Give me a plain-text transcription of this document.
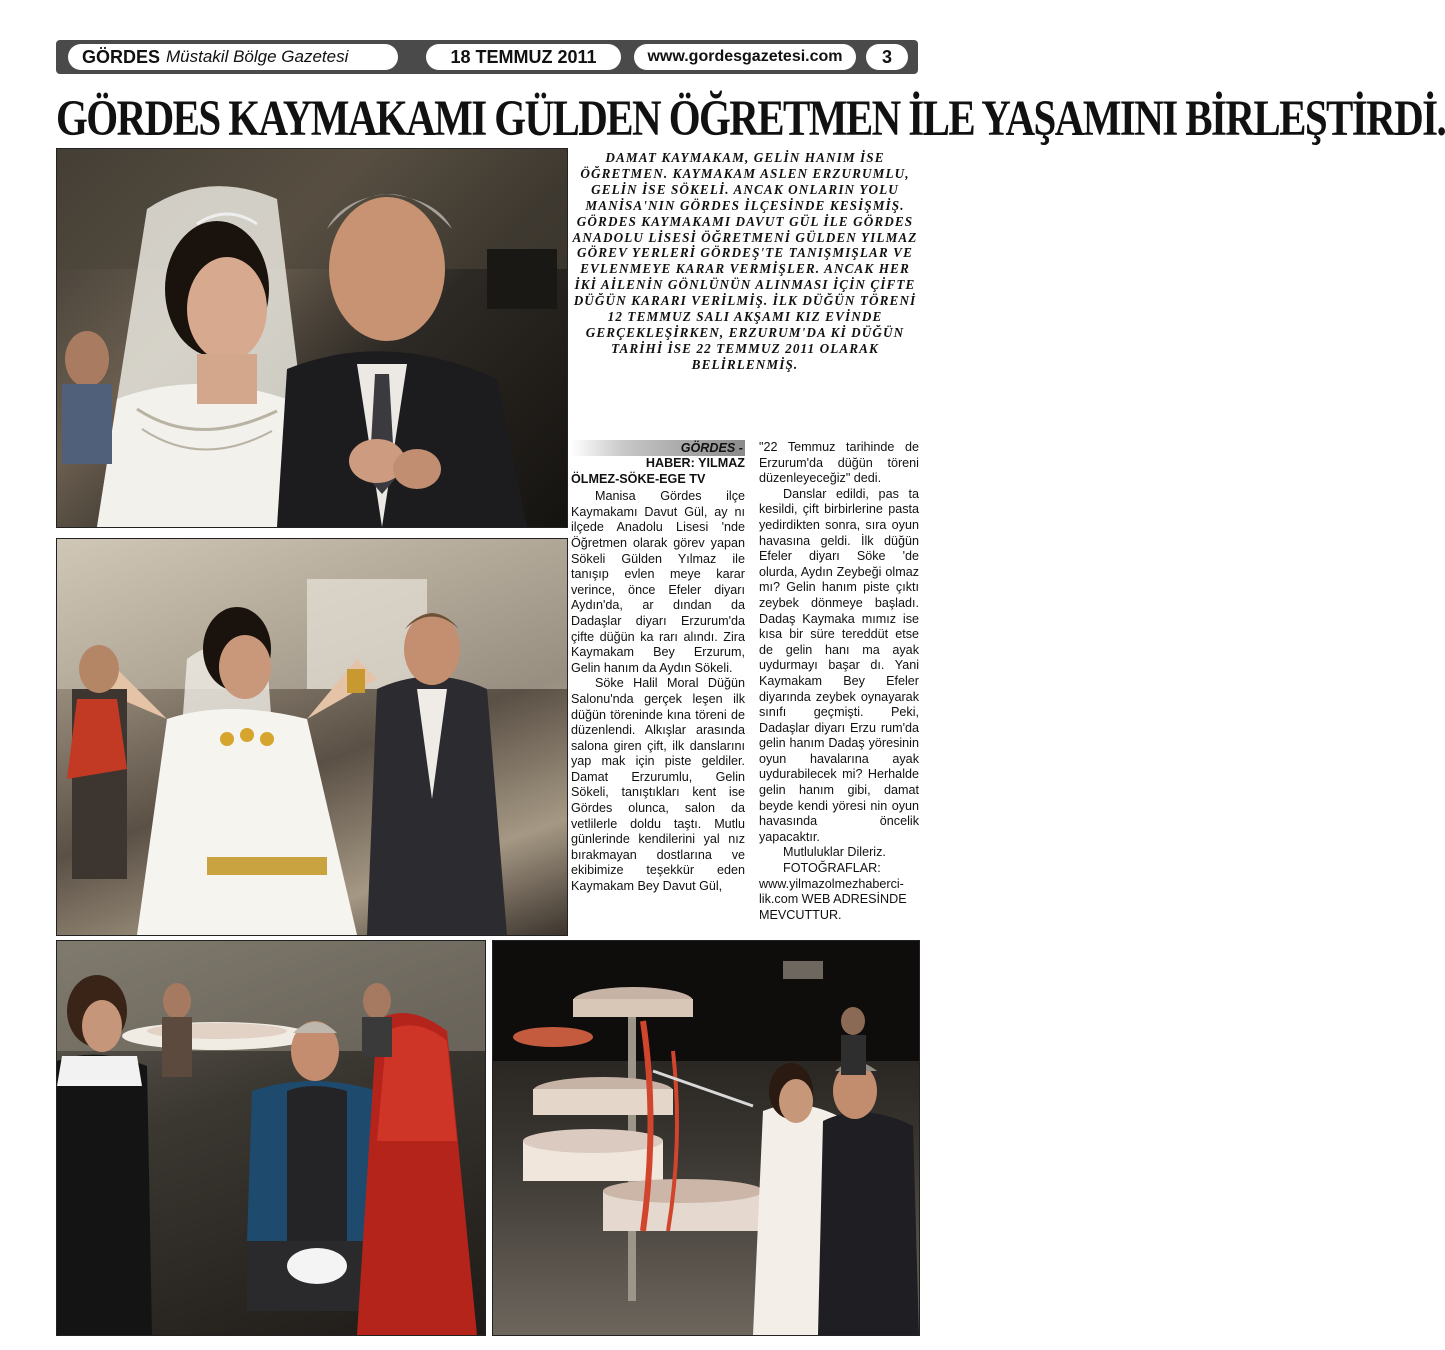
GÖRDES Müstakil Bölge Gazetesi	18 TEMMUZ 2011	www.gordesgazetesi.com	3
GÖRDES KAYMAKAMI GÜLDEN ÖĞRETMEN İLE YAŞAMINI BİRLEŞTİRDİ.
DAMAT KAYMAKAM, GELİN HANIM İSE ÖĞRETMEN. KAYMAKAM ASLEN ERZURUMLU, GELİN İSE SÖKELİ. ANCAK ONLARIN YOLU MANİSA'NIN GÖRDES İLÇESİNDE KESİŞMİŞ. GÖRDES KAYMAKAMI DAVUT GÜL İLE GÖRDES ANADOLU LİSESİ ÖĞRETMENİ GÜLDEN YILMAZ GÖREV YERLERİ GÖRDEŞ'TE TANIŞMIŞLAR VE EVLENMEYE KARAR VERMİŞLER. ANCAK HER İKİ AİLENİN GÖNLÜNÜN ALINMASI İÇİN ÇİFTE DÜĞÜN KARARI VERİLMİŞ. İLK DÜĞÜN TÖRENİ 12 TEMMUZ SALI AKŞAMI KIZ EVİNDE GERÇEKLEŞİRKEN, ERZURUM'DA Kİ DÜĞÜN TARİHİ İSE 22 TEMMUZ 2011 OLARAK BELİRLENMİŞ.
GÖRDES -
HABER: YILMAZ
ÖLMEZ-SÖKE-EGE TV

Manisa Gördes ilçe Kaymakamı Davut Gül, ay nı ilçede Anadolu Lisesi 'nde Öğretmen olarak görev yapan Sökeli Gülden Yılmaz ile tanışıp evlen meye karar verince, önce Efeler diyarı Aydın'da, ar dından da Dadaşlar diyarı Erzurum'da çifte düğün ka rarı alındı. Zira Kaymakam Bey Erzurum, Gelin hanım da Aydın Sökeli.

Söke Halil Moral Düğün Salonu'nda gerçek leşen ilk düğün töreninde kına töreni de düzenlendi. Alkışlar arasında salona giren çift, ilk danslarını yap mak için piste geldiler. Damat Erzurumlu, Gelin Sökeli, tanıştıkları kent ise Gördes olunca, salon da vetlilerle doldu taştı. Mutlu günlerinde kendilerini yal nız bırakmayan dostlarına ve ekibimize teşekkür eden Kaymakam Bey Davut Gül,

"22 Temmuz tarihinde de Erzurum'da düğün töreni düzenleyeceğiz" dedi.

Danslar edildi, pas ta kesildi, çift birbirlerine pasta yedirdikten sonra, sıra oyun havasına geldi. İlk düğün Efeler diyarı Söke 'de olurda, Aydın Zeybeği olmaz mı? Gelin hanım piste çıktı zeybek dönmeye başladı. Dadaş Kaymaka mımız ise kısa bir süre tereddüt etse de gelin hanı ma ayak uydurmayı başar dı. Yani Kaymakam Bey Efeler diyarında zeybek oynayarak sınıfı geçmişti. Peki, Dadaşlar diyarı Erzu rum'da gelin hanım Dadaş yöresinin oyun havalarına ayak uydurabilecek mi? Herhalde gelin hanım gibi, damat beyde kendi yöresi nin oyun havasında öncelik yapacaktır.

Mutluluklar Dileriz.

FOTOĞRAFLAR:

www.yilmazolmezhaberci-lik.com WEB ADRESİNDE MEVCUTTUR.
